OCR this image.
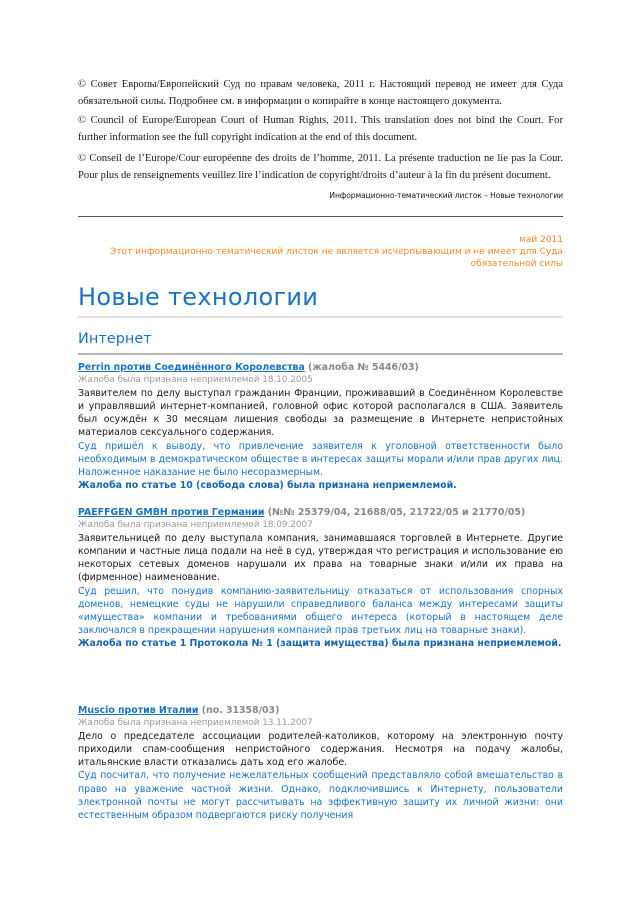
© Совет Европы/Европейский Суд по правам человека, 2011 г. Настоящий перевод не имеет для Суда обязательной силы. Подробнее см. в информации о копирайте в конце настоящего документа.

© Council of Europe/European Court of Human Rights, 2011. This translation does not bind the Court. For further information see the full copyright indication at the end of this document.

© Conseil de l’Europe/Cour européenne des droits de l’homme, 2011. La présente traduction ne lie pas la Cour. Pour plus de renseignements veuillez lire l’indication de copyright/droits d’auteur à la fin du présent document.

Информационно-тематический листок – Новые технологии
май 2011
Этот информационно-тематический листок не является исчерпывающим и не имеет для Суда обязательной силы
Новые технологии
Интернет
Perrin против Соединённого Королевства (жалоба № 5446/03)
Жалоба была признана неприемлемой 18.10.2005

Заявителем по делу выступал гражданин Франции, проживавший в Соединённом Королевстве и управлявший интернет-компанией, головной офис которой располагался в США. Заявитель был осуждён к 30 месяцам лишения свободы за размещение в Интернете непристойных материалов сексуального содержания.

Суд пришёл к выводу, что привлечение заявителя к уголовной ответственности было необходимым в демократическом обществе в интересах защиты морали и/или прав других лиц. Наложенное наказание не было несоразмерным.

Жалоба по статье 10 (свобода слова) была признана неприемлемой.

PAEFFGEN GMBH против Германии (№№ 25379/04, 21688/05, 21722/05 и 21770/05)
Жалоба была признана неприемлемой 18.09.2007

Заявительницей по делу выступала компания, занимавшаяся торговлей в Интернете. Другие компании и частные лица подали на неё в суд, утверждая что регистрация и использование ею некоторых сетевых доменов нарушали их права на товарные знаки и/или их права на (фирменное) наименование.

Суд решил, что понудив компанию-заявительницу отказаться от использования спорных доменов, немецкие суды не нарушили справедливого баланса между интересами защиты «имущества» компании и требованиями общего интереса (который в настоящем деле заключался в прекращении нарушения компанией прав третьих лиц на товарные знаки).

Жалоба по статье 1 Протокола № 1 (защита имущества) была признана неприемлемой.

Muscio против Италии (no. 31358/03)
Жалоба была признана неприемлемой 13.11.2007

Дело о председателе ассоциации родителей-католиков, которому на электронную почту приходили спам-сообщения непристойного содержания. Несмотря на подачу жалобы, итальянские власти отказались дать ход его жалобе.

Суд посчитал, что получение нежелательных сообщений представляло собой вмешательство в право на уважение частной жизни. Однако, подключившись к Интернету, пользователи электронной почты не могут рассчитывать на эффективную защиту их личной жизни: они естественным образом подвергаются риску получения
